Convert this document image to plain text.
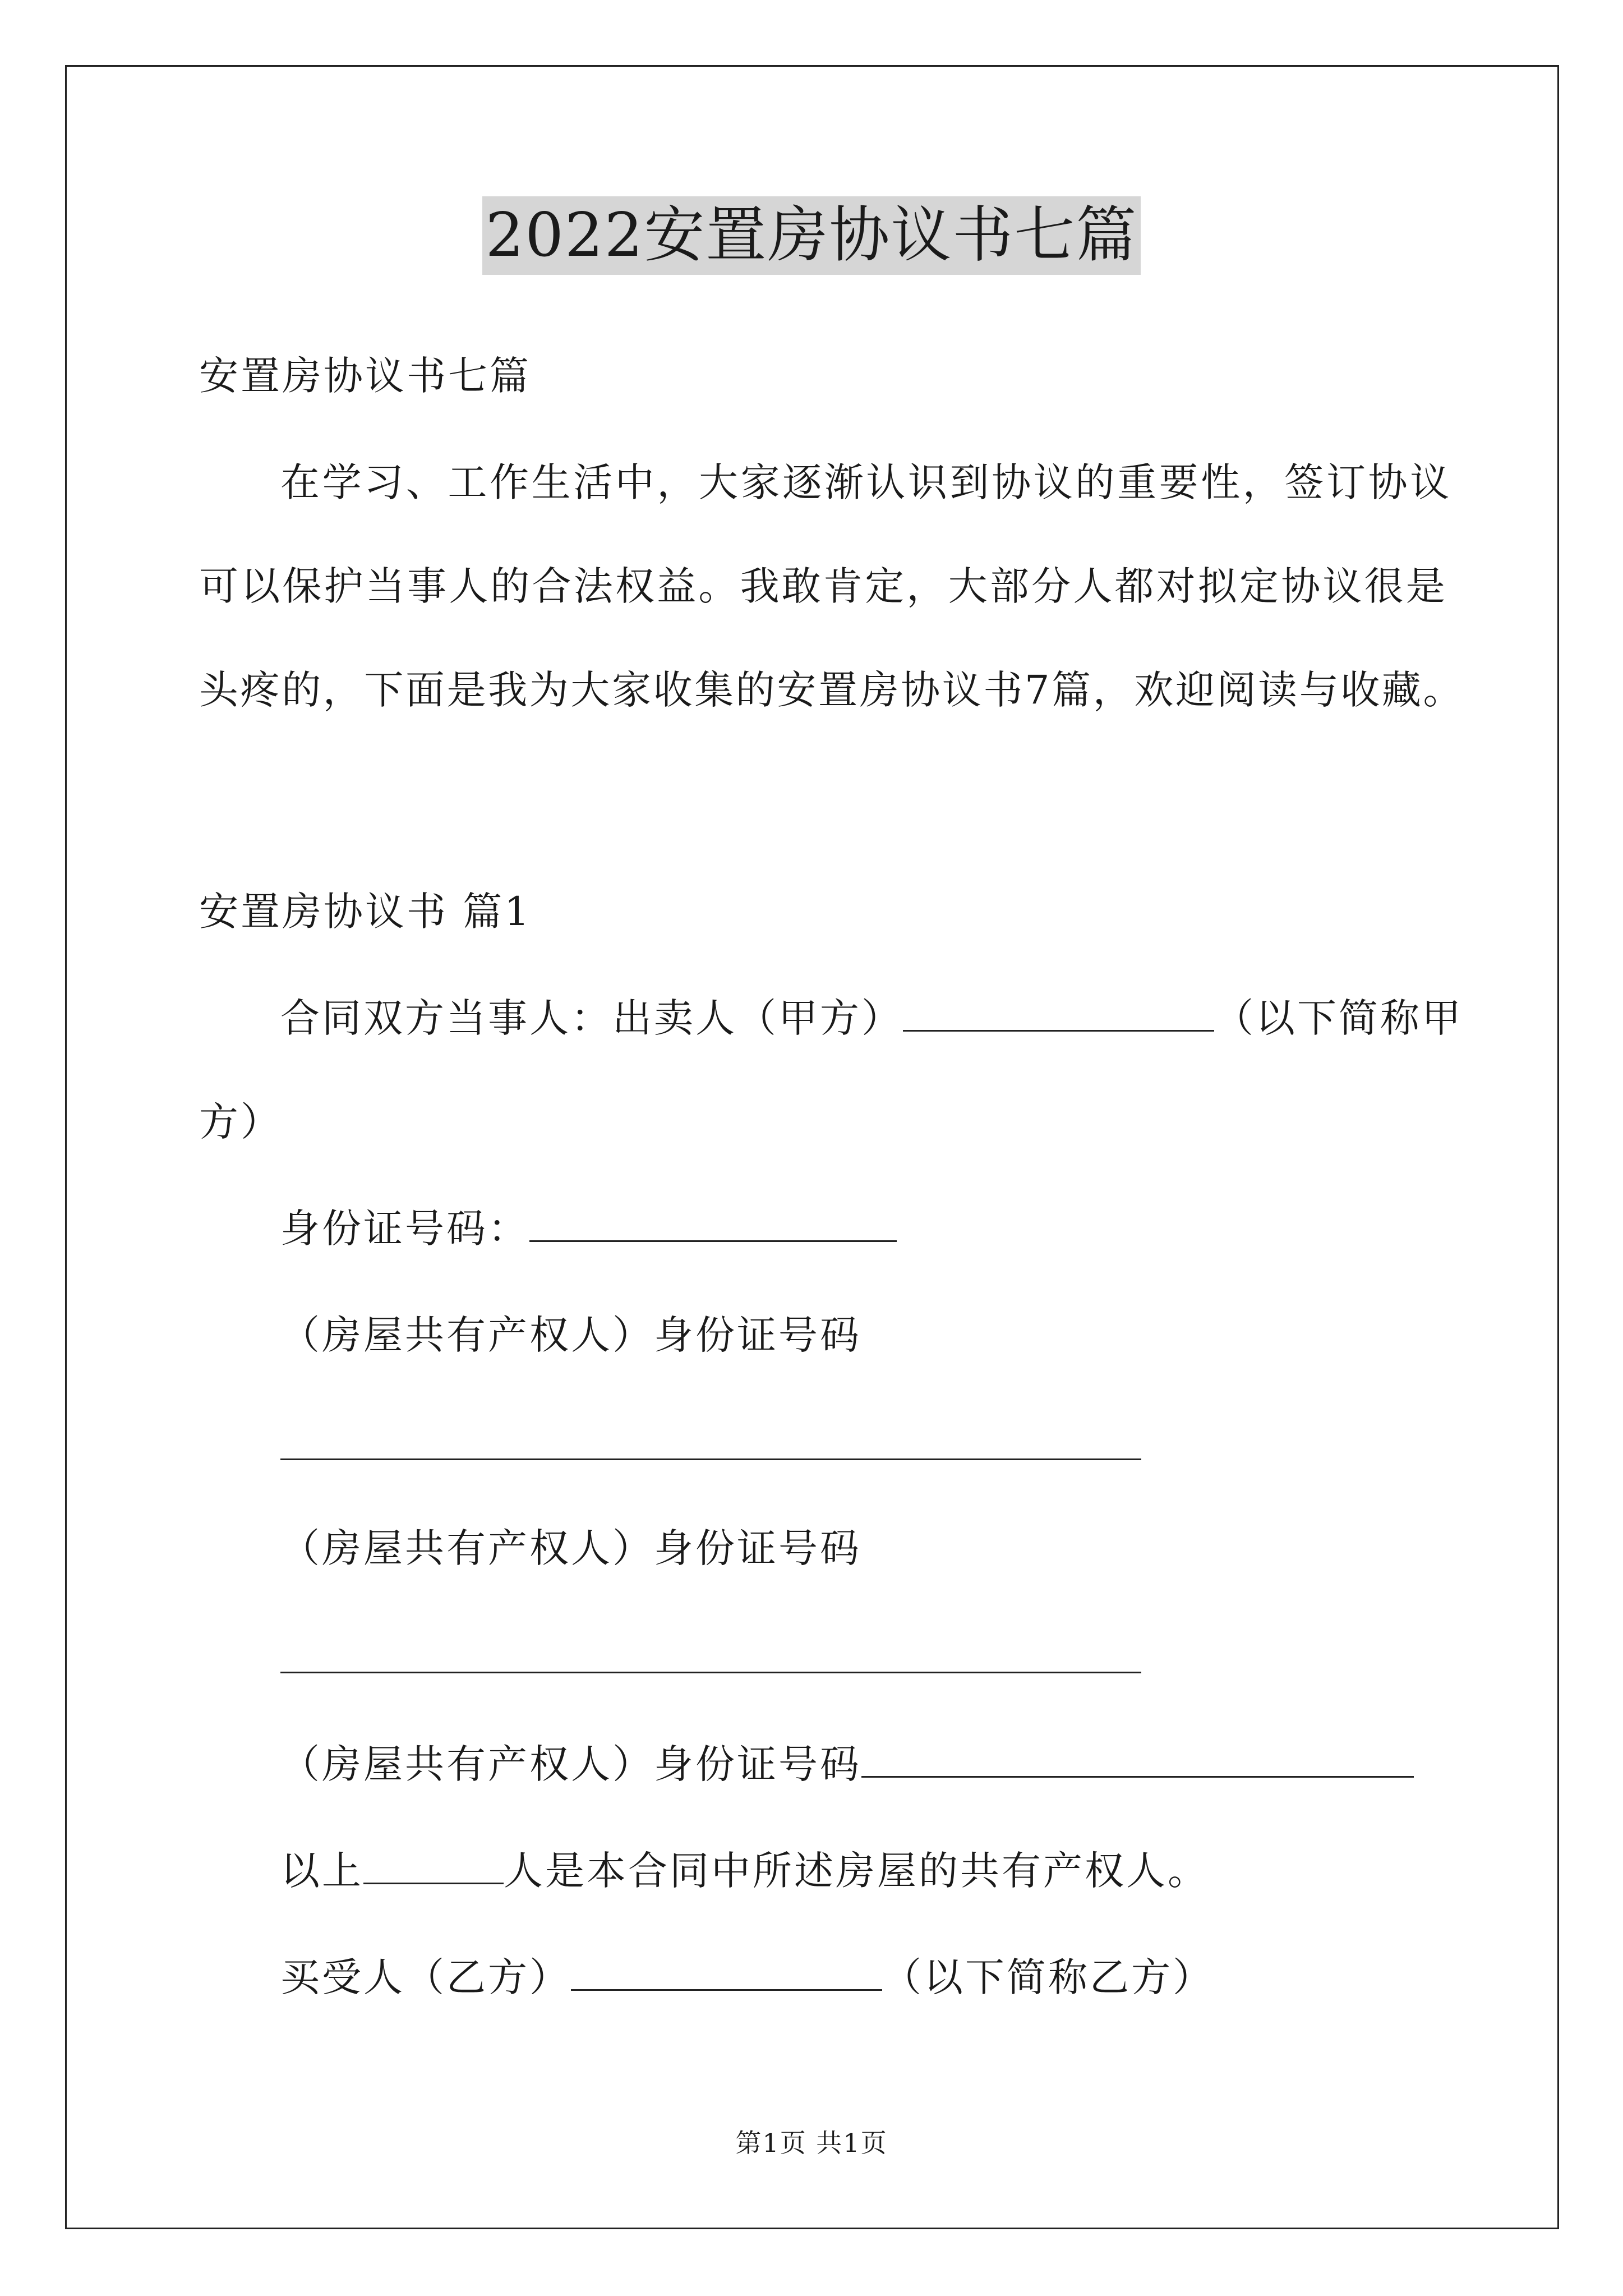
2022安置房协议书七篇
安置房协议书七篇
在学习、工作生活中，大家逐渐认识到协议的重要性，签订协议
可以保护当事人的合法权益。我敢肯定，大部分人都对拟定协议很是
头疼的，下面是我为大家收集的安置房协议书7篇，欢迎阅读与收藏。
安置房协议书 篇1
合同双方当事人：出卖人（甲方）	（以下简称甲
方）
身份证号码：
（房屋共有产权人）身份证号码
（房屋共有产权人）身份证号码
（房屋共有产权人）身份证号码
以上	人是本合同中所述房屋的共有产权人。
买受人（乙方）	（以下简称乙方）
第1页 共1页
